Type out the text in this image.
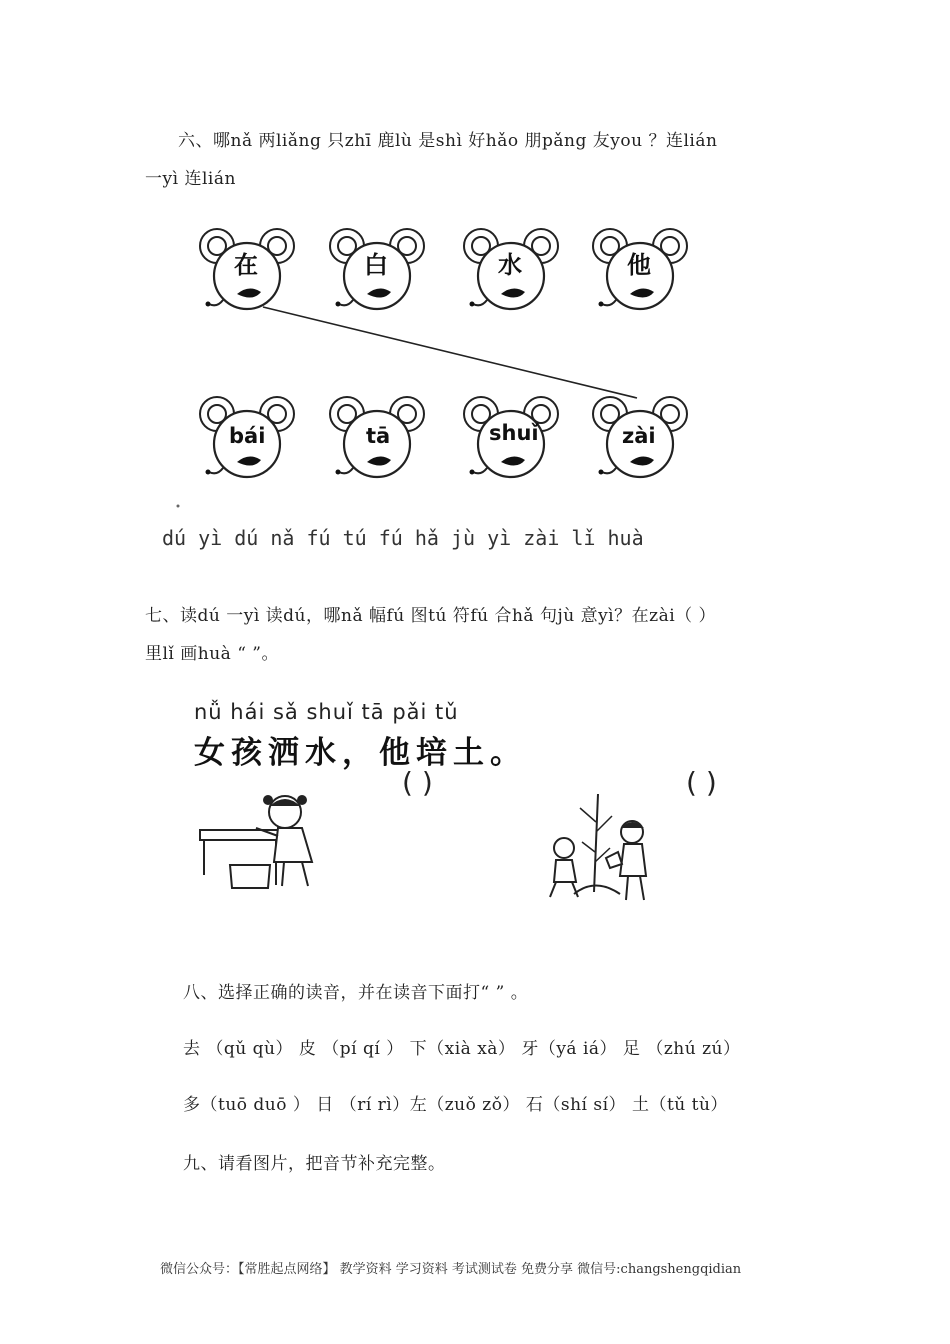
六、哪nǎ 两liǎng 只zhī 鹿lù 是shì 好hǎo 朋pǎng 友you ？连lián
一yì 连lián
在	白	水	他
bái	tā	shuǐ	zài
dú yì dú nǎ fú tú fú hǎ jù yì zài lǐ huà
七、读dú 一yì 读dú，哪nǎ 幅fú 图tú 符fú 合hǎ 句jù 意yì？在zài（ ）
里lǐ 画huà “ ”。
nǚ hái sǎ shuǐ tā pǎi tǔ
女孩洒水，他培土。
( )	( )
八、选择正确的读音，并在读音下面打“ ” 。
去 （qǔ qù） 皮 （pí qí ） 下（xià xà） 牙（yá iá） 足 （zhú zú）
多（tuō duō ） 日 （rí rì）左（zuǒ zǒ） 石（shí sí） 土（tǔ tù）
九、请看图片，把音节补充完整。
微信公众号：【常胜起点网络】 教学资料 学习资料 考试测试卷 免费分享 微信号:changshengqidian
